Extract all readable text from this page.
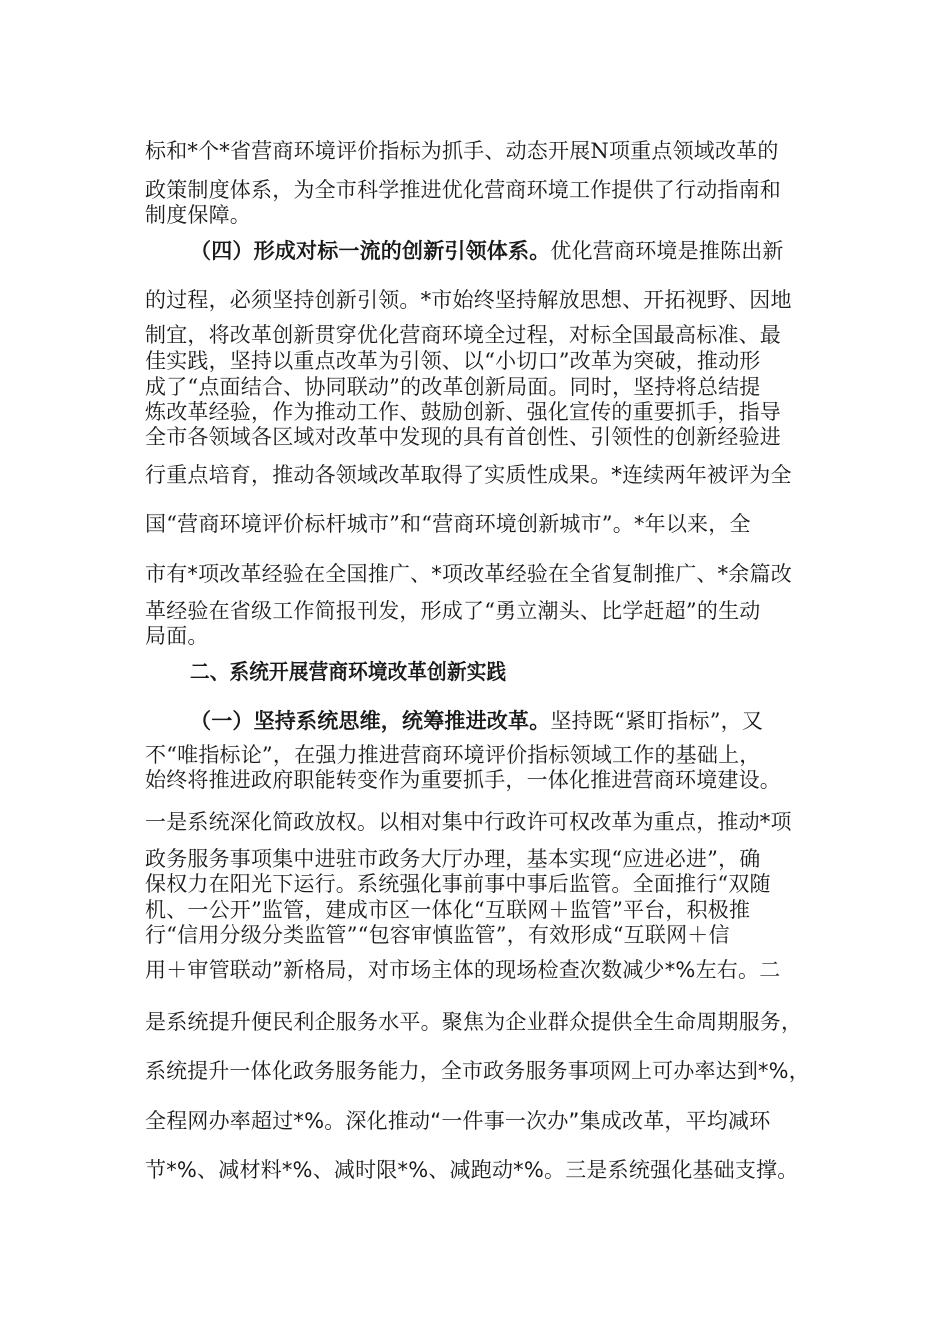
标和*个*省营商环境评价指标为抓手、动态开展N项重点领域改革的
政策制度体系，为全市科学推进优化营商环境工作提供了行动指南和
制度保障。
（四）形成对标一流的创新引领体系。优化营商环境是推陈出新
的过程，必须坚持创新引领。*市始终坚持解放思想、开拓视野、因地
制宜，将改革创新贯穿优化营商环境全过程，对标全国最高标准、最
佳实践，坚持以重点改革为引领、以“小切口”改革为突破，推动形
成了“点面结合、协同联动”的改革创新局面。同时，坚持将总结提
炼改革经验，作为推动工作、鼓励创新、强化宣传的重要抓手，指导
全市各领域各区域对改革中发现的具有首创性、引领性的创新经验进
行重点培育，推动各领域改革取得了实质性成果。*连续两年被评为全
国“营商环境评价标杆城市”和“营商环境创新城市”。*年以来，全
市有*项改革经验在全国推广、*项改革经验在全省复制推广、*余篇改
革经验在省级工作简报刊发，形成了“勇立潮头、比学赶超”的生动
局面。
二、系统开展营商环境改革创新实践
（一）坚持系统思维，统筹推进改革。坚持既“紧盯指标”，又
不“唯指标论”，在强力推进营商环境评价指标领域工作的基础上，
始终将推进政府职能转变作为重要抓手，一体化推进营商环境建设。
一是系统深化简政放权。以相对集中行政许可权改革为重点，推动*项
政务服务事项集中进驻市政务大厅办理，基本实现“应进必进”，确
保权力在阳光下运行。系统强化事前事中事后监管。全面推行“双随
机、一公开”监管，建成市区一体化“互联网＋监管”平台，积极推
行“信用分级分类监管”“包容审慎监管”，有效形成“互联网＋信
用＋审管联动”新格局，对市场主体的现场检查次数减少*%左右。二
是系统提升便民利企服务水平。聚焦为企业群众提供全生命周期服务，
系统提升一体化政务服务能力，全市政务服务事项网上可办率达到*%，
全程网办率超过*%。深化推动“一件事一次办”集成改革，平均减环
节*%、减材料*%、减时限*%、减跑动*%。三是系统强化基础支撑。
